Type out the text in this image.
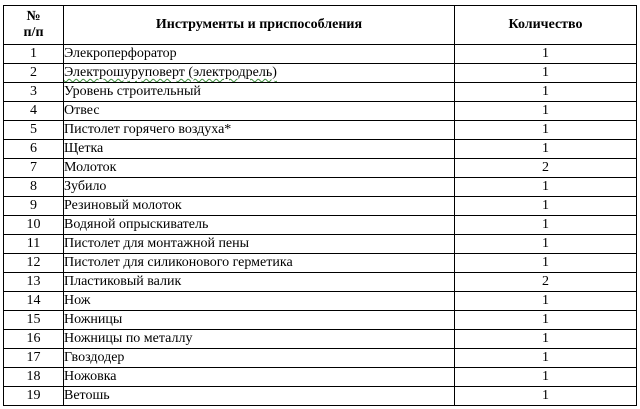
№
п/п	Инструменты и приспособления	Количество
1	Элекроперфоратор	1
2	Электрошуруповерт (электродрель)	1
3	Уровень строительный	1
4	Отвес	1
5	Пистолет горячего воздуха*	1
6	Щетка	1
7	Молоток	2
8	Зубило	1
9	Резиновый молоток	1
10	Водяной опрыскиватель	1
11	Пистолет для монтажной пены	1
12	Пистолет для силиконового герметика	1
13	Пластиковый валик	2
14	Нож	1
15	Ножницы	1
16	Ножницы по металлу	1
17	Гвоздодер	1
18	Ножовка	1
19	Ветошь	1
